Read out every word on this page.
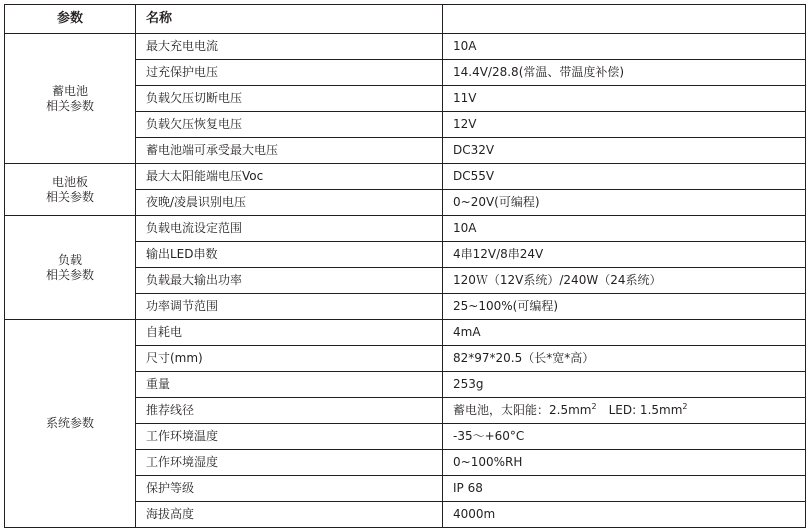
参数	名称	
蓄电池
相关参数	最大充电电流	10A
	过充保护电压	14.4V/28.8(常温、带温度补偿)
	负载欠压切断电压	11V
	负载欠压恢复电压	12V
	蓄电池端可承受最大电压	DC32V
电池板
相关参数	最大太阳能端电压Voc	DC55V
	夜晚/凌晨识别电压	0~20V(可编程)
负载
相关参数	负载电流设定范围	10A
	输出LED串数	4串12V/8串24V
	负载最大输出功率	120Ｗ（12V系统）/240W（24系统）
	功率调节范围	25~100%(可编程)
系统参数	自耗电	4mA
	尺寸(mm)	82*97*20.5（长*宽*高）
	重量	253g
	推荐线径	蓄电池，太阳能：$2.5mm^2$　LED: $1.5mm^2$
	工作环境温度	-35～+60°C
	工作环境湿度	0~100%RH
	保护等级	IP 68
	海拔高度	4000m
